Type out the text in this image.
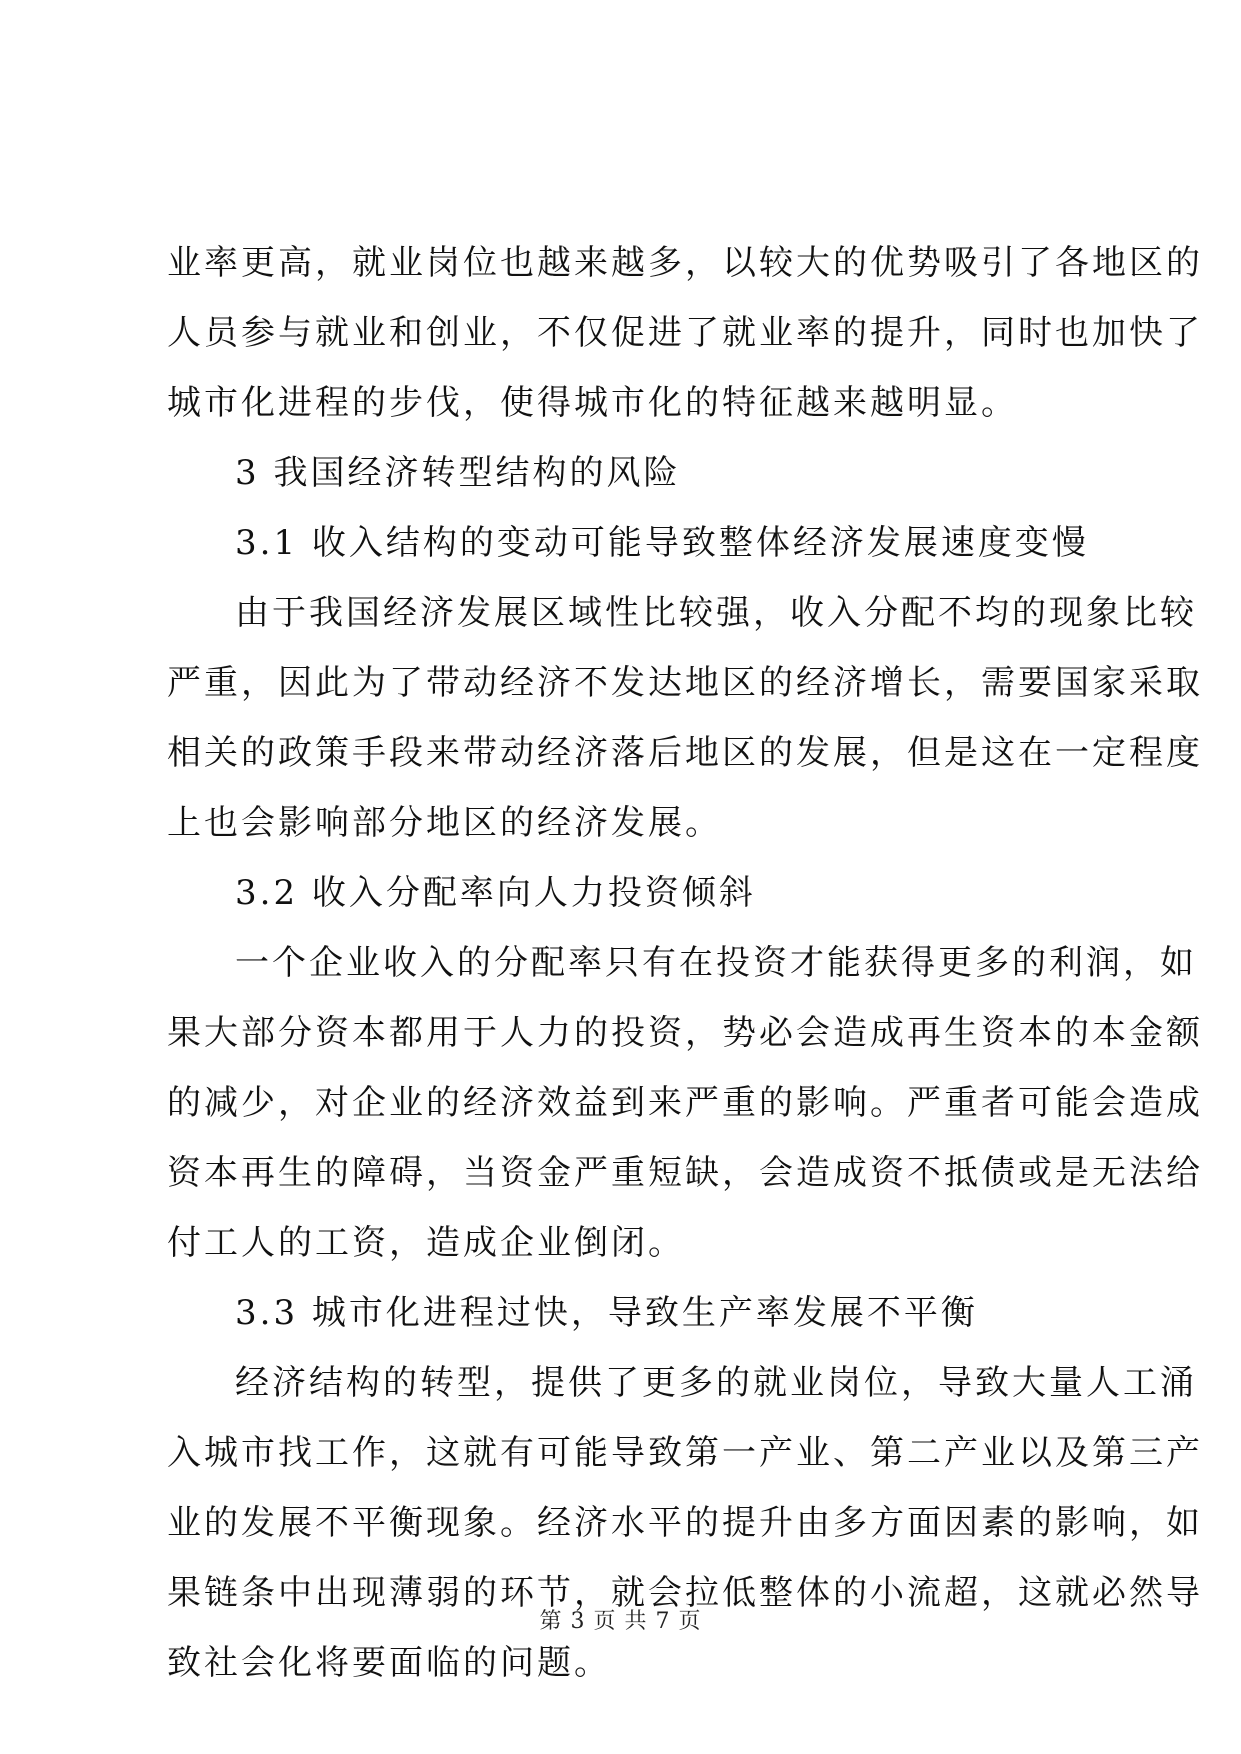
业率更高，就业岗位也越来越多，以较大的优势吸引了各地区的
人员参与就业和创业，不仅促进了就业率的提升，同时也加快了
城市化进程的步伐，使得城市化的特征越来越明显。
3 我国经济转型结构的风险
3.1 收入结构的变动可能导致整体经济发展速度变慢
由于我国经济发展区域性比较强，收入分配不均的现象比较
严重，因此为了带动经济不发达地区的经济增长，需要国家采取
相关的政策手段来带动经济落后地区的发展，但是这在一定程度
上也会影响部分地区的经济发展。
3.2 收入分配率向人力投资倾斜
一个企业收入的分配率只有在投资才能获得更多的利润，如
果大部分资本都用于人力的投资，势必会造成再生资本的本金额
的减少，对企业的经济效益到来严重的影响。严重者可能会造成
资本再生的障碍，当资金严重短缺，会造成资不抵债或是无法给
付工人的工资，造成企业倒闭。
3.3 城市化进程过快，导致生产率发展不平衡
经济结构的转型，提供了更多的就业岗位，导致大量人工涌
入城市找工作，这就有可能导致第一产业、第二产业以及第三产
业的发展不平衡现象。经济水平的提升由多方面因素的影响，如
果链条中出现薄弱的环节，就会拉低整体的小流超，这就必然导
致社会化将要面临的问题。
第 3 页 共 7 页
